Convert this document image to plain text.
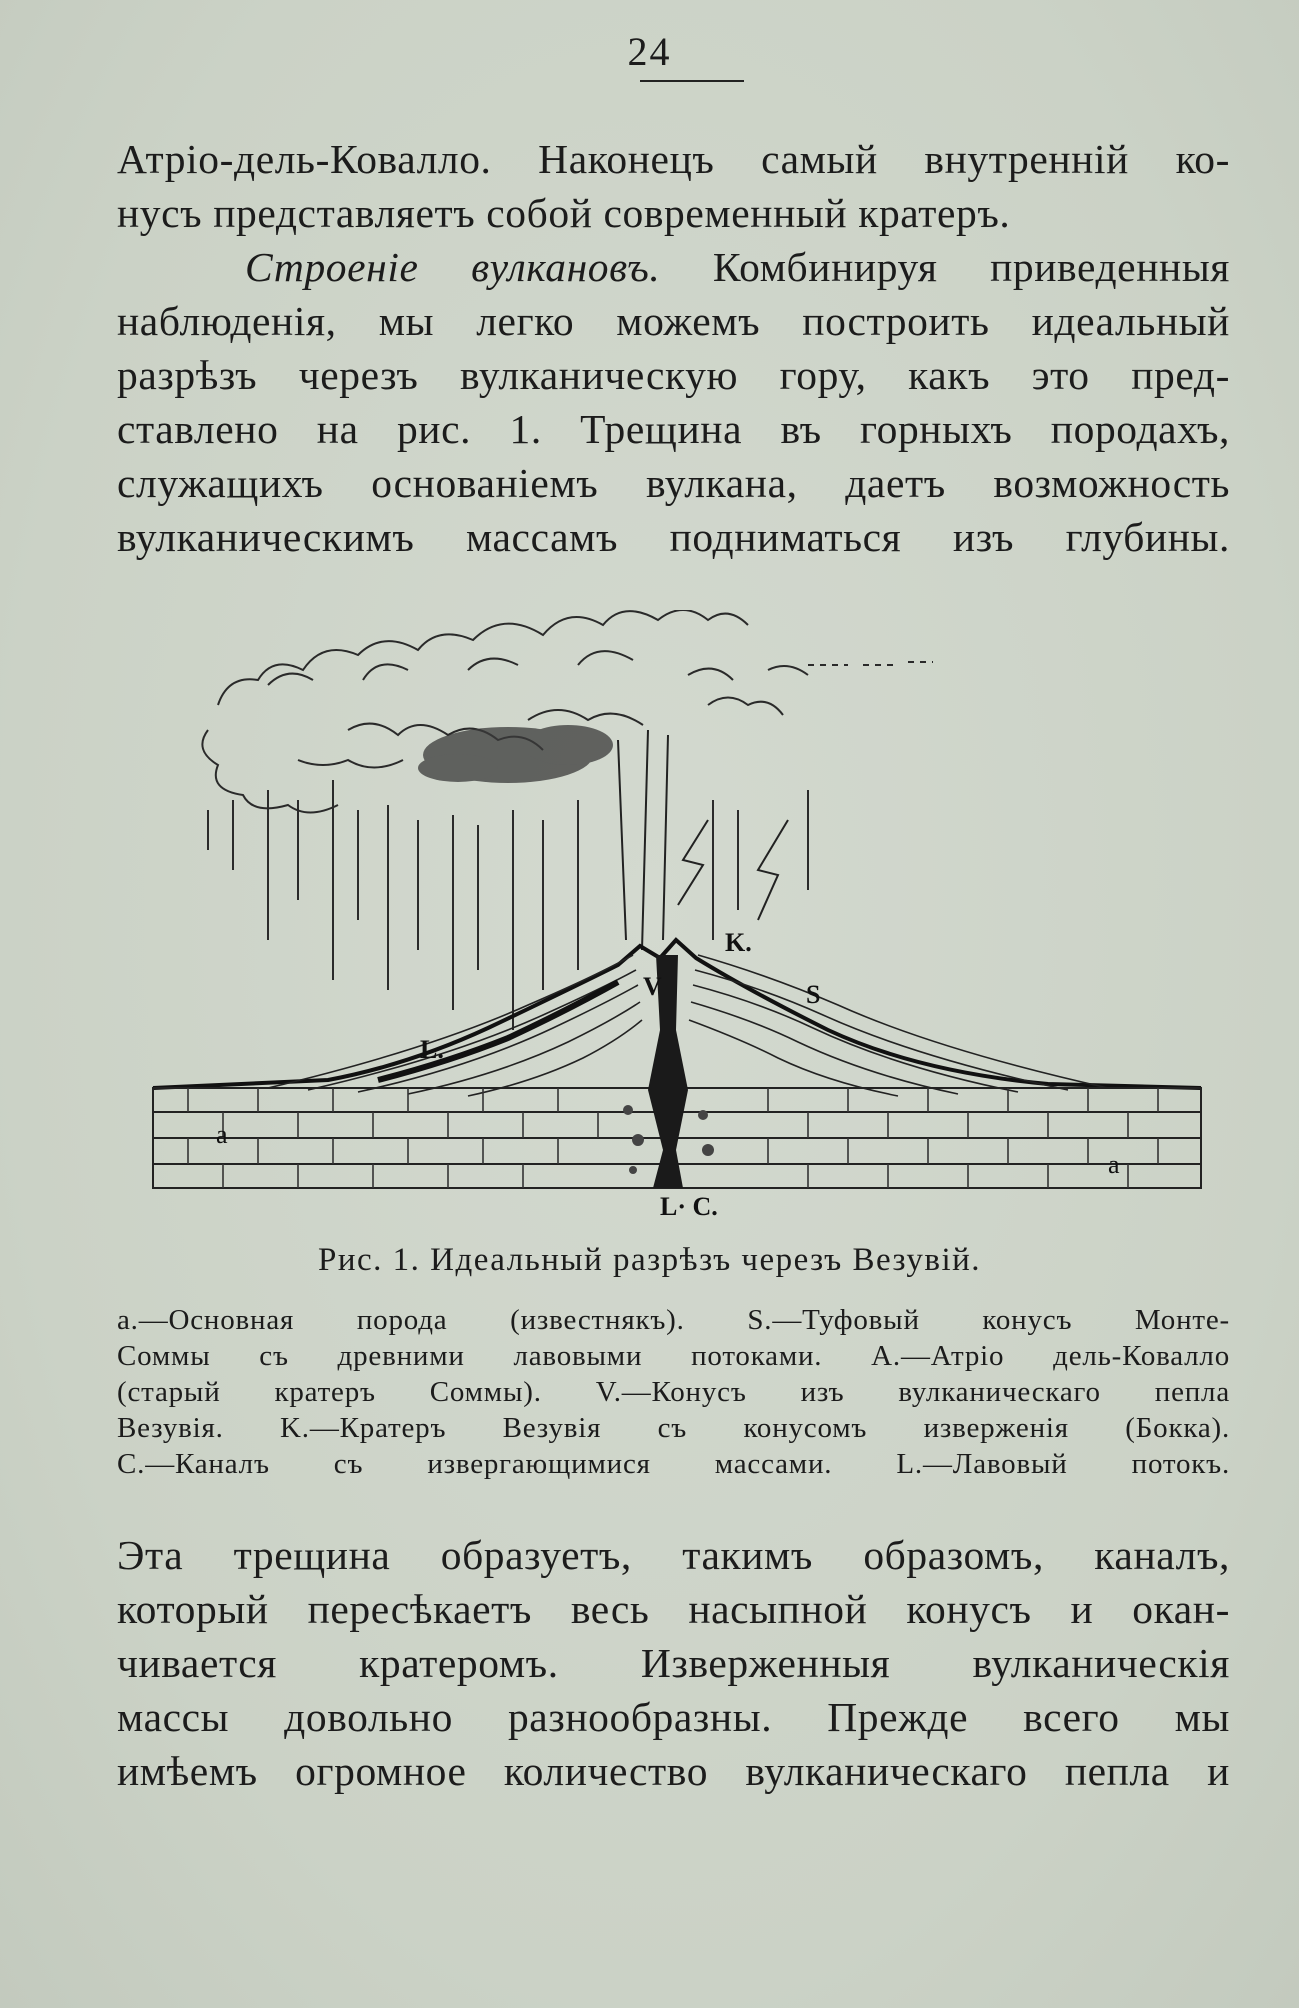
24
Атріо-дель-Ковалло. Наконецъ самый внутренній ко-
нусъ представляетъ собой современный кратеръ.
Строеніе вулкановъ. Комбинируя приведенныя
наблюденія, мы легко можемъ построить идеальный
разрѣзъ черезъ вулканическую гору, какъ это пред-
ставлено на рис. 1. Трещина въ горныхъ породахъ,
служащихъ основаніемъ вулкана, даетъ возможность
вулканическимъ массамъ подниматься изъ глубины.
K.
V	S
L.
a
a
L· C.
Рис. 1. Идеальный разрѣзъ черезъ Везувій.
a.—Основная порода (известнякъ). S.—Туфовый конусъ Монте-
Соммы съ древними лавовыми потоками. A.—Атріо дель-Ковалло
(старый кратеръ Соммы). V.—Конусъ изъ вулканическаго пепла
Везувія. K.—Кратеръ Везувія съ конусомъ изверженія (Бокка).
C.—Каналъ съ извергающимися массами. L.—Лавовый потокъ.
Эта трещина образуетъ, такимъ образомъ, каналъ,
который пересѣкаетъ весь насыпной конусъ и окан-
чивается кратеромъ. Изверженныя вулканическія
массы довольно разнообразны. Прежде всего мы
имѣемъ огромное количество вулканическаго пепла и
